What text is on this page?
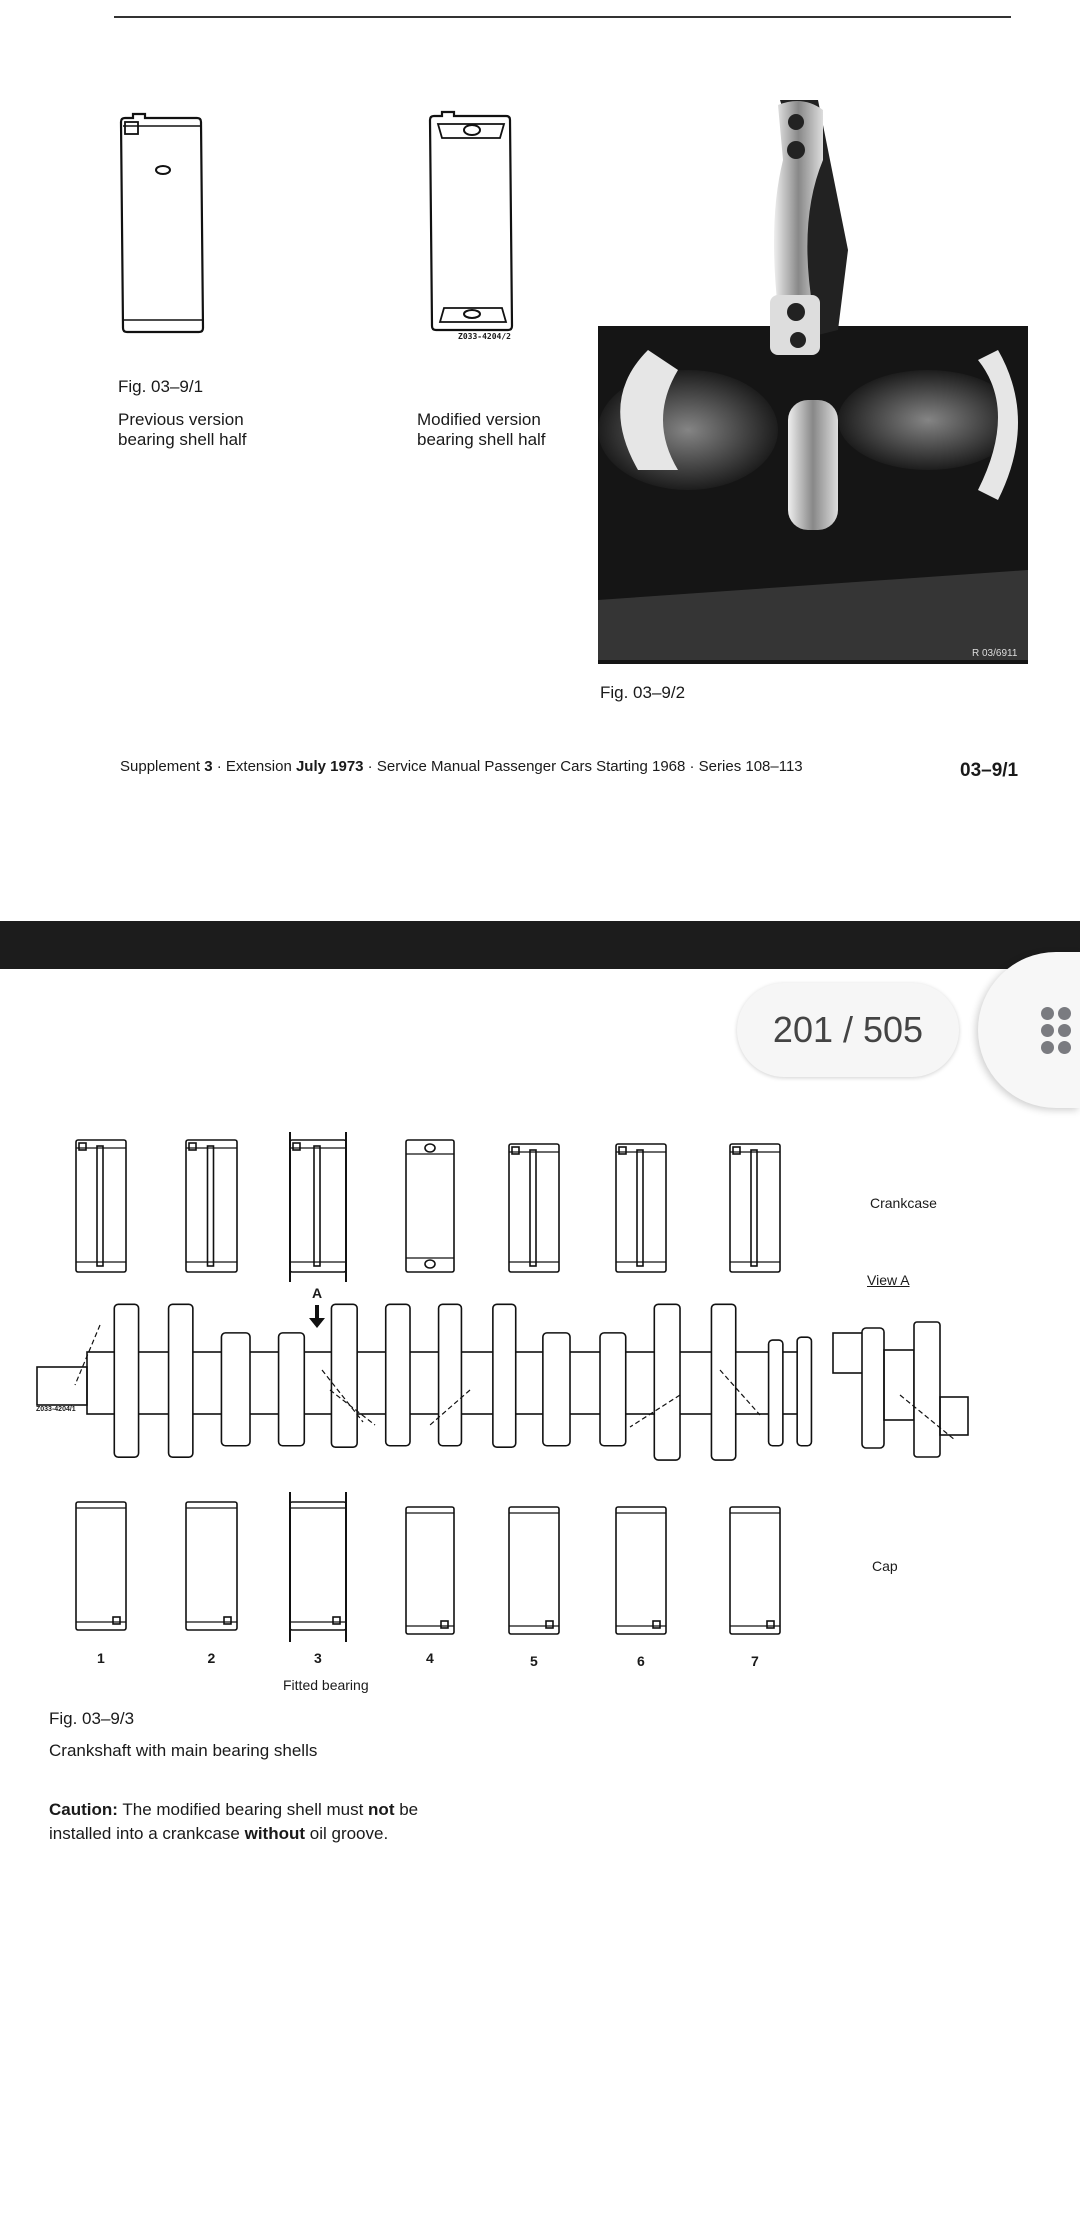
Z033-4204/2
Fig. 03–9/1
Previous version
bearing shell half
Modified version
bearing shell half
R 03/6911
Fig. 03–9/2
Supplement 3 · Extension July 1973 · Service Manual Passenger Cars Starting 1968 · Series 108–113	03–9/1
201 / 505
Crankcase
View A
Cap
A
Z033-4204/1
1	2	3	4	5	6	7
Fitted bearing
Fig. 03–9/3
Crankshaft with main bearing shells
Caution: The modified bearing shell must not be
installed into a crankcase without oil groove.
